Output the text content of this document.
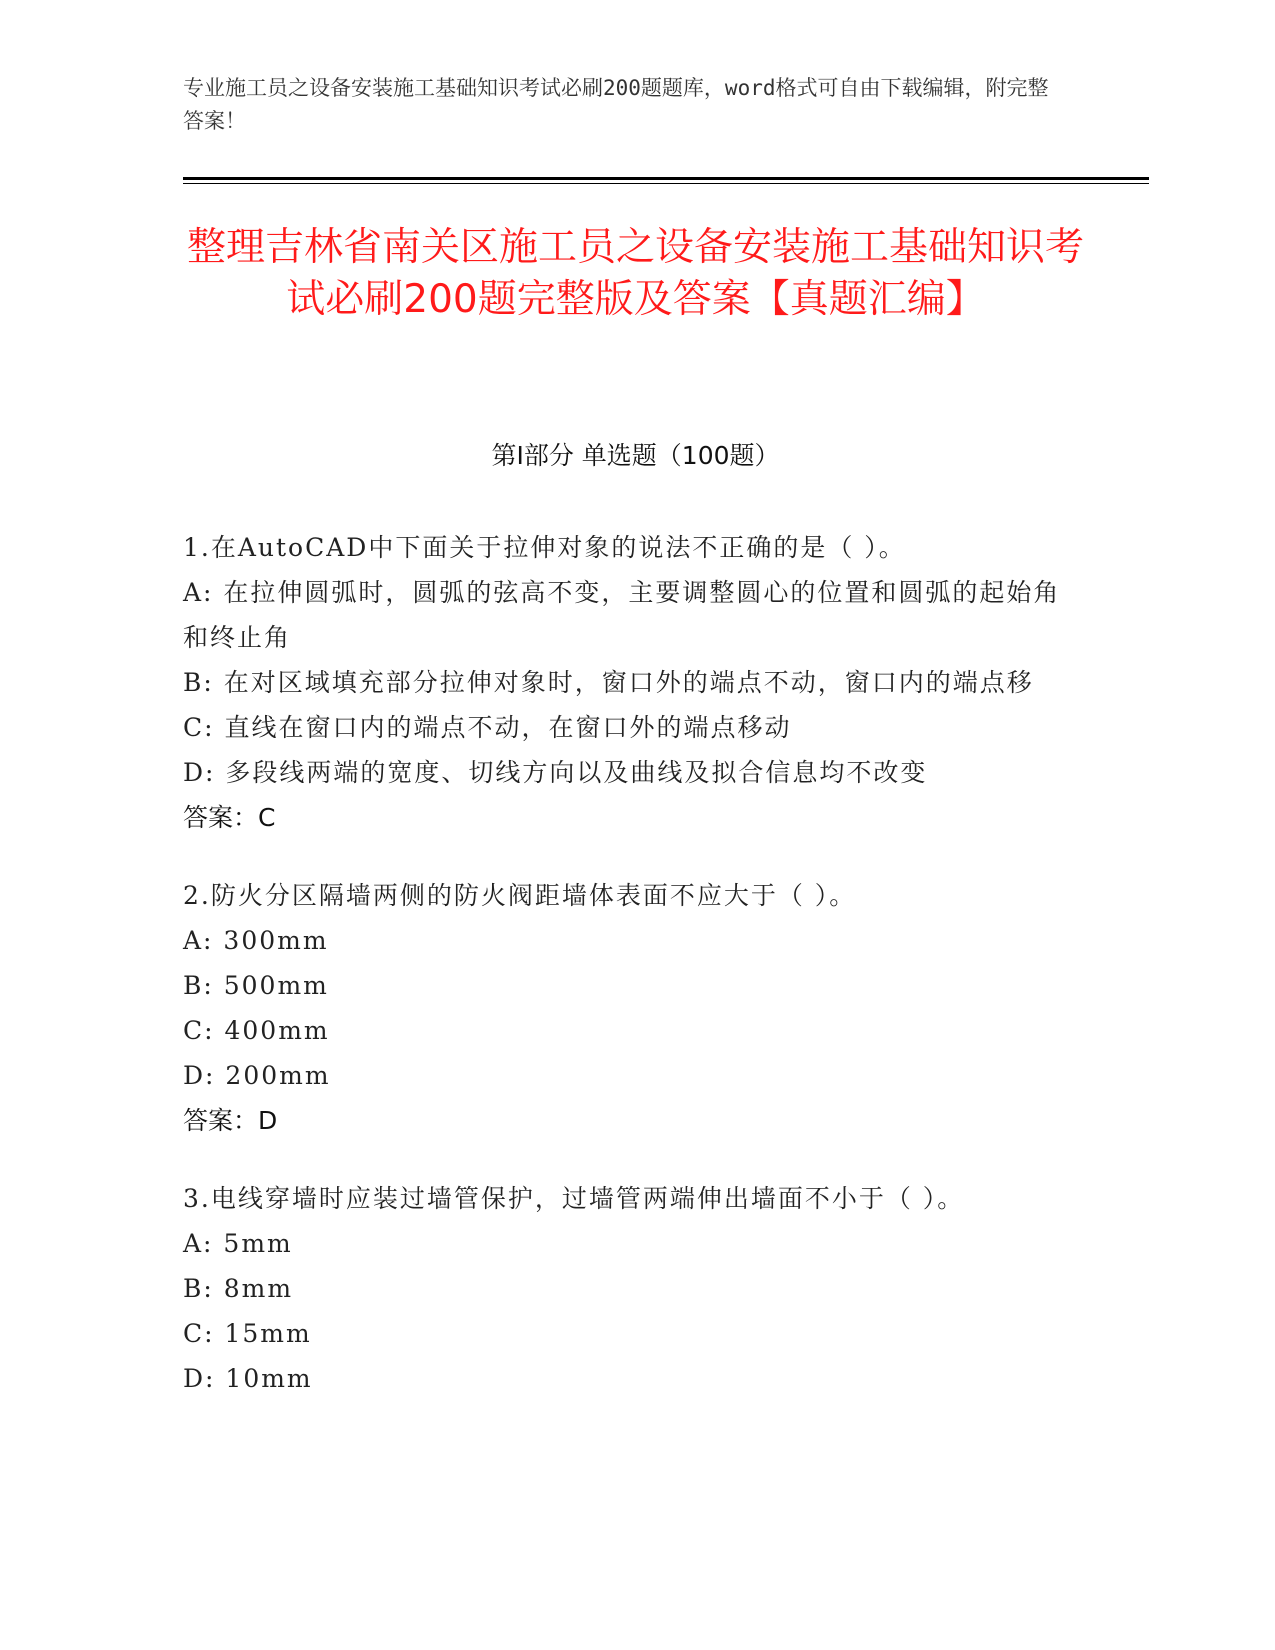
专业施工员之设备安装施工基础知识考试必刷200题题库，word格式可自由下载编辑，附完整答案！
整理吉林省南关区施工员之设备安装施工基础知识考试必刷200题完整版及答案【真题汇编】
第I部分 单选题（100题）
1.在AutoCAD中下面关于拉伸对象的说法不正确的是（ ）。
A: 在拉伸圆弧时，圆弧的弦高不变，主要调整圆心的位置和圆弧的起始角和终止角
B: 在对区域填充部分拉伸对象时，窗口外的端点不动，窗口内的端点移
C: 直线在窗口内的端点不动，在窗口外的端点移动
D: 多段线两端的宽度、切线方向以及曲线及拟合信息均不改变
答案：C
2.防火分区隔墙两侧的防火阀距墙体表面不应大于（ ）。
A: 300mm
B: 500mm
C: 400mm
D: 200mm
答案：D
3.电线穿墙时应装过墙管保护，过墙管两端伸出墙面不小于（ ）。
A: 5mm
B: 8mm
C: 15mm
D: 10mm
